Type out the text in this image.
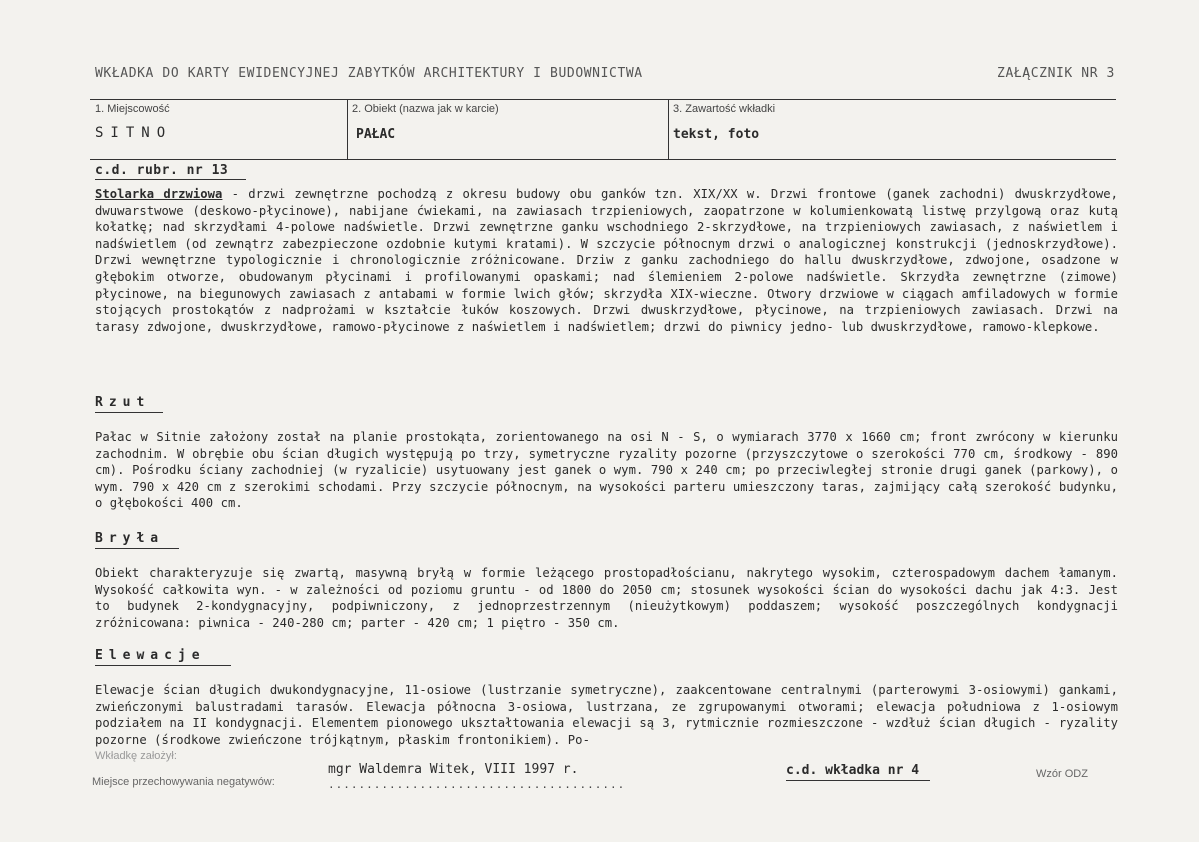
WKŁADKA DO KARTY EWIDENCYJNEJ ZABYTKÓW ARCHITEKTURY I BUDOWNICTWA	ZAŁĄCZNIK NR 3
1. Miejscowość
SITNO
2. Obiekt (nazwa jak w karcie)
PAŁAC
3. Zawartość wkładki
tekst, foto
c.d. rubr. nr 13
Stolarka drzwiowa - drzwi zewnętrzne pochodzą z okresu budowy obu ganków tzn. XIX/XX w. Drzwi frontowe (ganek zachodni) dwuskrzydłowe, dwuwarstwowe (deskowo-płycinowe), nabijane ćwiekami, na zawiasach trzpieniowych, zaopatrzone w kolumienkowatą listwę przylgową oraz kutą kołatkę; nad skrzydłami 4-polowe nadświetle. Drzwi zewnętrzne ganku wschodniego 2-skrzydłowe, na trzpieniowych zawiasach, z naświetlem i nadświetlem (od zewnątrz zabezpieczone ozdobnie kutymi kratami). W szczycie północnym drzwi o analogicznej konstrukcji (jednoskrzydłowe). Drzwi wewnętrzne typologicznie i chronologicznie zróżnicowane. Drziw z ganku zachodniego do hallu dwuskrzydłowe, zdwojone, osadzone w głębokim otworze, obudowanym płycinami i profilowanymi opaskami; nad ślemieniem 2-polowe nadświetle. Skrzydła zewnętrzne (zimowe) płycinowe, na biegunowych zawiasach z antabami w formie lwich głów; skrzydła XIX-wieczne. Otwory drzwiowe w ciągach amfiladowych w formie stojących prostokątów z nadprożami w kształcie łuków koszowych. Drzwi dwuskrzydłowe, płycinowe, na trzpieniowych zawiasach. Drzwi na tarasy zdwojone, dwuskrzydłowe, ramowo-płycinowe z naświetlem i nadświetlem; drzwi do piwnicy jedno- lub dwuskrzydłowe, ramowo-klepkowe.
Rzut
Pałac w Sitnie założony został na planie prostokąta, zorientowanego na osi N - S, o wymiarach 3770 x 1660 cm; front zwrócony w kierunku zachodnim. W obrębie obu ścian długich występują po trzy, symetryczne ryzality pozorne (przyszczytowe o szerokości 770 cm, środkowy - 890 cm). Pośrodku ściany zachodniej (w ryzalicie) usytuowany jest ganek o wym. 790 x 240 cm; po przeciwległej stronie drugi ganek (parkowy), o wym. 790 x 420 cm z szerokimi schodami. Przy szczycie północnym, na wysokości parteru umieszczony taras, zajmijący całą szerokość budynku, o głębokości 400 cm.
Bryła
Obiekt charakteryzuje się zwartą, masywną bryłą w formie leżącego prostopadłościanu, nakrytego wysokim, czterospadowym dachem łamanym. Wysokość całkowita wyn. - w zależności od poziomu gruntu - od 1800 do 2050 cm; stosunek wysokości ścian do wysokości dachu jak 4:3. Jest to budynek 2-kondygnacyjny, podpiwniczony, z jednoprzestrzennym (nieużytkowym) poddaszem; wysokość poszczególnych kondygnacji zróżnicowana: piwnica - 240-280 cm; parter - 420 cm; 1 piętro - 350 cm.
Elewacje
Elewacje ścian długich dwukondygnacyjne, 11-osiowe (lustrzanie symetryczne), zaakcentowane centralnymi (parterowymi 3-osiowymi) gankami, zwieńczonymi balustradami tarasów. Elewacja północna 3-osiowa, lustrzana, ze zgrupowanymi otworami; elewacja południowa z 1-osiowym podziałem na II kondygnacji. Elementem pionowego ukształtowania elewacji są 3, rytmicznie rozmieszczone - wzdłuż ścian długich - ryzality pozorne (środkowe zwieńczone trójkątnym, płaskim frontonikiem). Po-
Wkładkę założył:
Miejsce przechowywania negatywów:
mgr Waldemra Witek, VIII 1997 r.
.......................................
c.d. wkładka nr 4	Wzór ODZ
